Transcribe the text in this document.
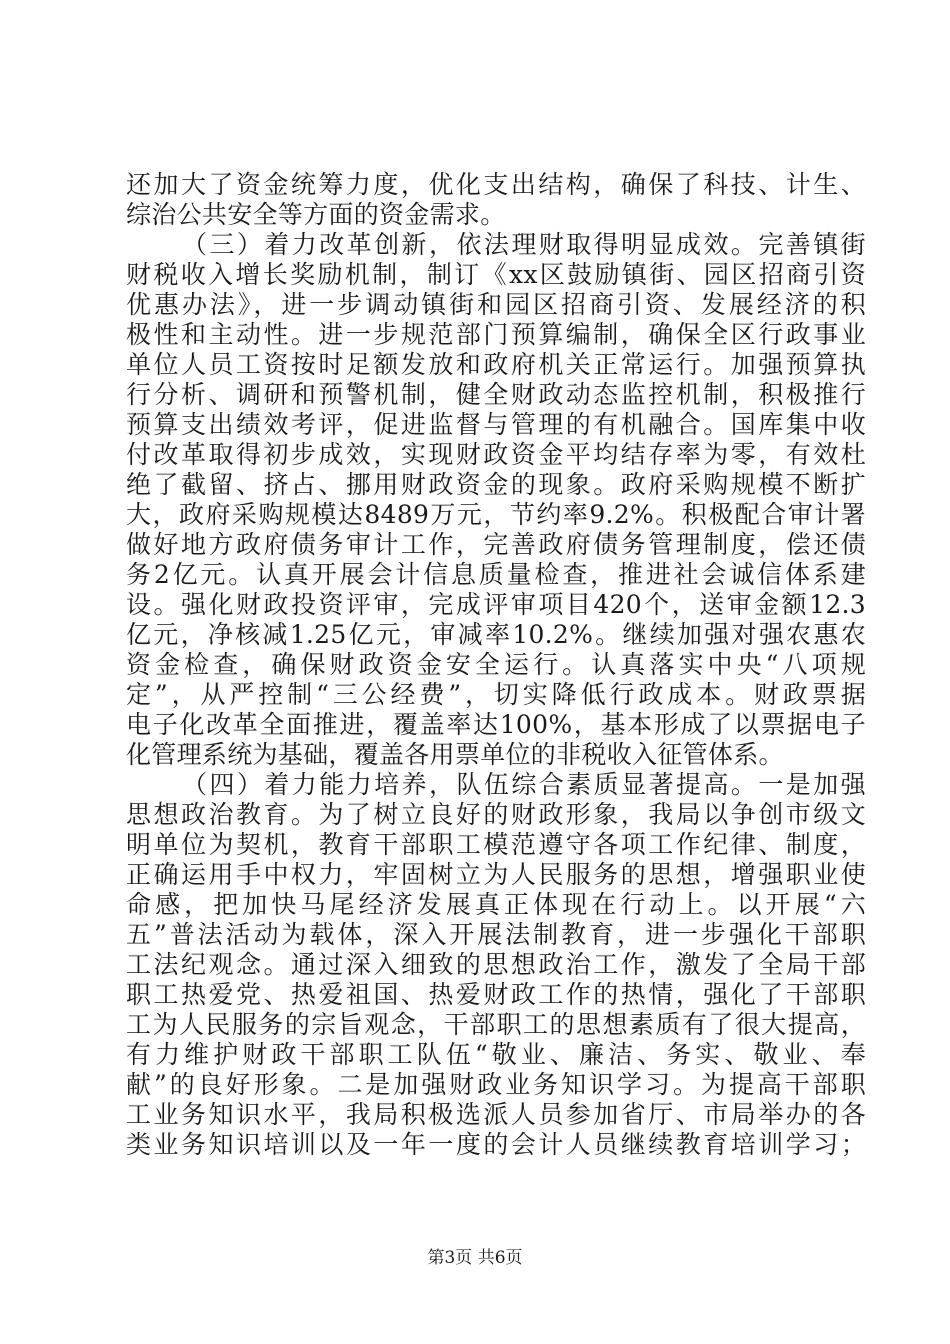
还加大了资金统筹力度，优化支出结构，确保了科技、计生、
综治公共安全等方面的资金需求。
（三）着力改革创新，依法理财取得明显成效。完善镇街
财税收入增长奖励机制，制订《xx区鼓励镇街、园区招商引资
优惠办法》，进一步调动镇街和园区招商引资、发展经济的积
极性和主动性。进一步规范部门预算编制，确保全区行政事业
单位人员工资按时足额发放和政府机关正常运行。加强预算执
行分析、调研和预警机制，健全财政动态监控机制，积极推行
预算支出绩效考评，促进监督与管理的有机融合。国库集中收
付改革取得初步成效，实现财政资金平均结存率为零，有效杜
绝了截留、挤占、挪用财政资金的现象。政府采购规模不断扩
大，政府采购规模达8489万元，节约率9.2%。积极配合审计署
做好地方政府债务审计工作，完善政府债务管理制度，偿还债
务2亿元。认真开展会计信息质量检查，推进社会诚信体系建
设。强化财政投资评审，完成评审项目420个，送审金额12.3
亿元，净核减1.25亿元，审减率10.2%。继续加强对强农惠农
资金检查，确保财政资金安全运行。认真落实中央“八项规
定”，从严控制“三公经费”，切实降低行政成本。财政票据
电子化改革全面推进，覆盖率达100%，基本形成了以票据电子
化管理系统为基础，覆盖各用票单位的非税收入征管体系。
（四）着力能力培养，队伍综合素质显著提高。一是加强
思想政治教育。为了树立良好的财政形象，我局以争创市级文
明单位为契机，教育干部职工模范遵守各项工作纪律、制度，
正确运用手中权力，牢固树立为人民服务的思想，增强职业使
命感，把加快马尾经济发展真正体现在行动上。以开展“六
五”普法活动为载体，深入开展法制教育，进一步强化干部职
工法纪观念。通过深入细致的思想政治工作，激发了全局干部
职工热爱党、热爱祖国、热爱财政工作的热情，强化了干部职
工为人民服务的宗旨观念，干部职工的思想素质有了很大提高，
有力维护财政干部职工队伍“敬业、廉洁、务实、敬业、奉
献”的良好形象。二是加强财政业务知识学习。为提高干部职
工业务知识水平，我局积极选派人员参加省厅、市局举办的各
类业务知识培训以及一年一度的会计人员继续教育培训学习；
第3页 共6页
